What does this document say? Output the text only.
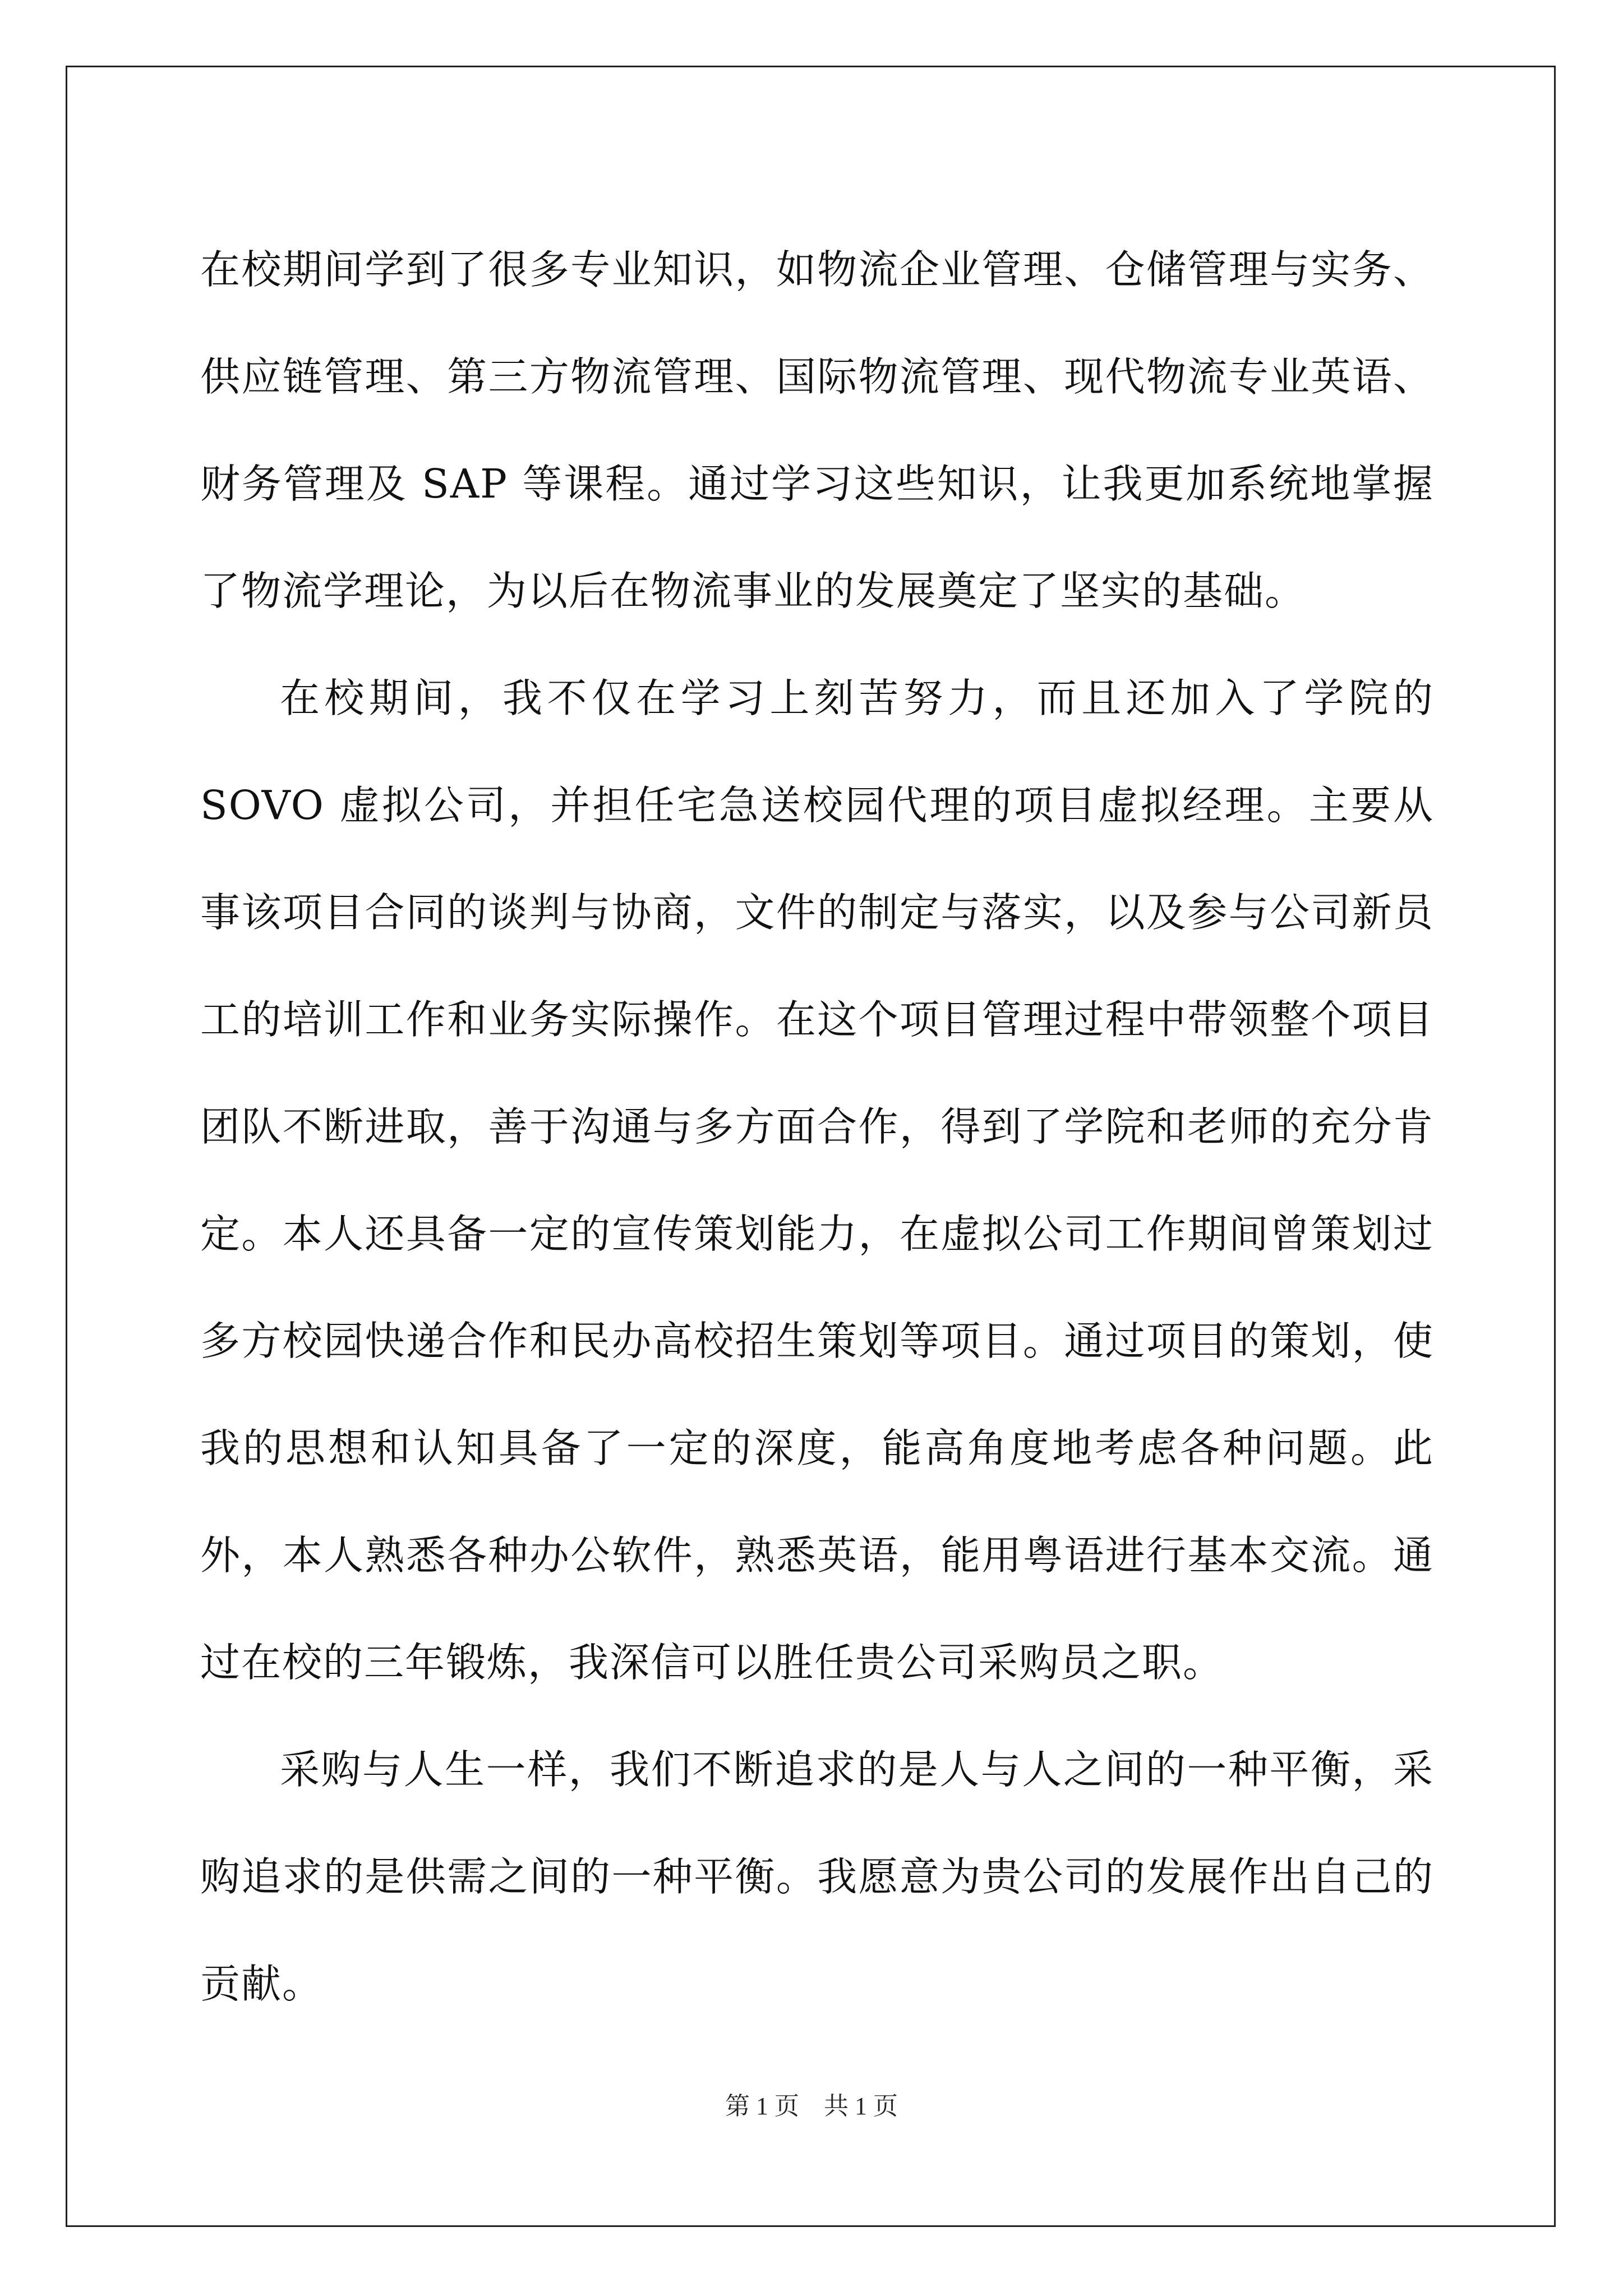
在校期间学到了很多专业知识，如物流企业管理、仓储管理与实务、供应链管理、第三方物流管理、国际物流管理、现代物流专业英语、财务管理及 SAP 等课程。通过学习这些知识，让我更加系统地掌握了物流学理论，为以后在物流事业的发展奠定了坚实的基础。

在校期间，我不仅在学习上刻苦努力，而且还加入了学院的 SOVO 虚拟公司，并担任宅急送校园代理的项目虚拟经理。主要从事该项目合同的谈判与协商，文件的制定与落实，以及参与公司新员工的培训工作和业务实际操作。在这个项目管理过程中带领整个项目团队不断进取，善于沟通与多方面合作，得到了学院和老师的充分肯定。本人还具备一定的宣传策划能力，在虚拟公司工作期间曾策划过多方校园快递合作和民办高校招生策划等项目。通过项目的策划，使我的思想和认知具备了一定的深度，能高角度地考虑各种问题。此外，本人熟悉各种办公软件，熟悉英语，能用粤语进行基本交流。通过在校的三年锻炼，我深信可以胜任贵公司采购员之职。

采购与人生一样，我们不断追求的是人与人之间的一种平衡，采购追求的是供需之间的一种平衡。我愿意为贵公司的发展作出自己的贡献。

第 1 页　共 1 页
